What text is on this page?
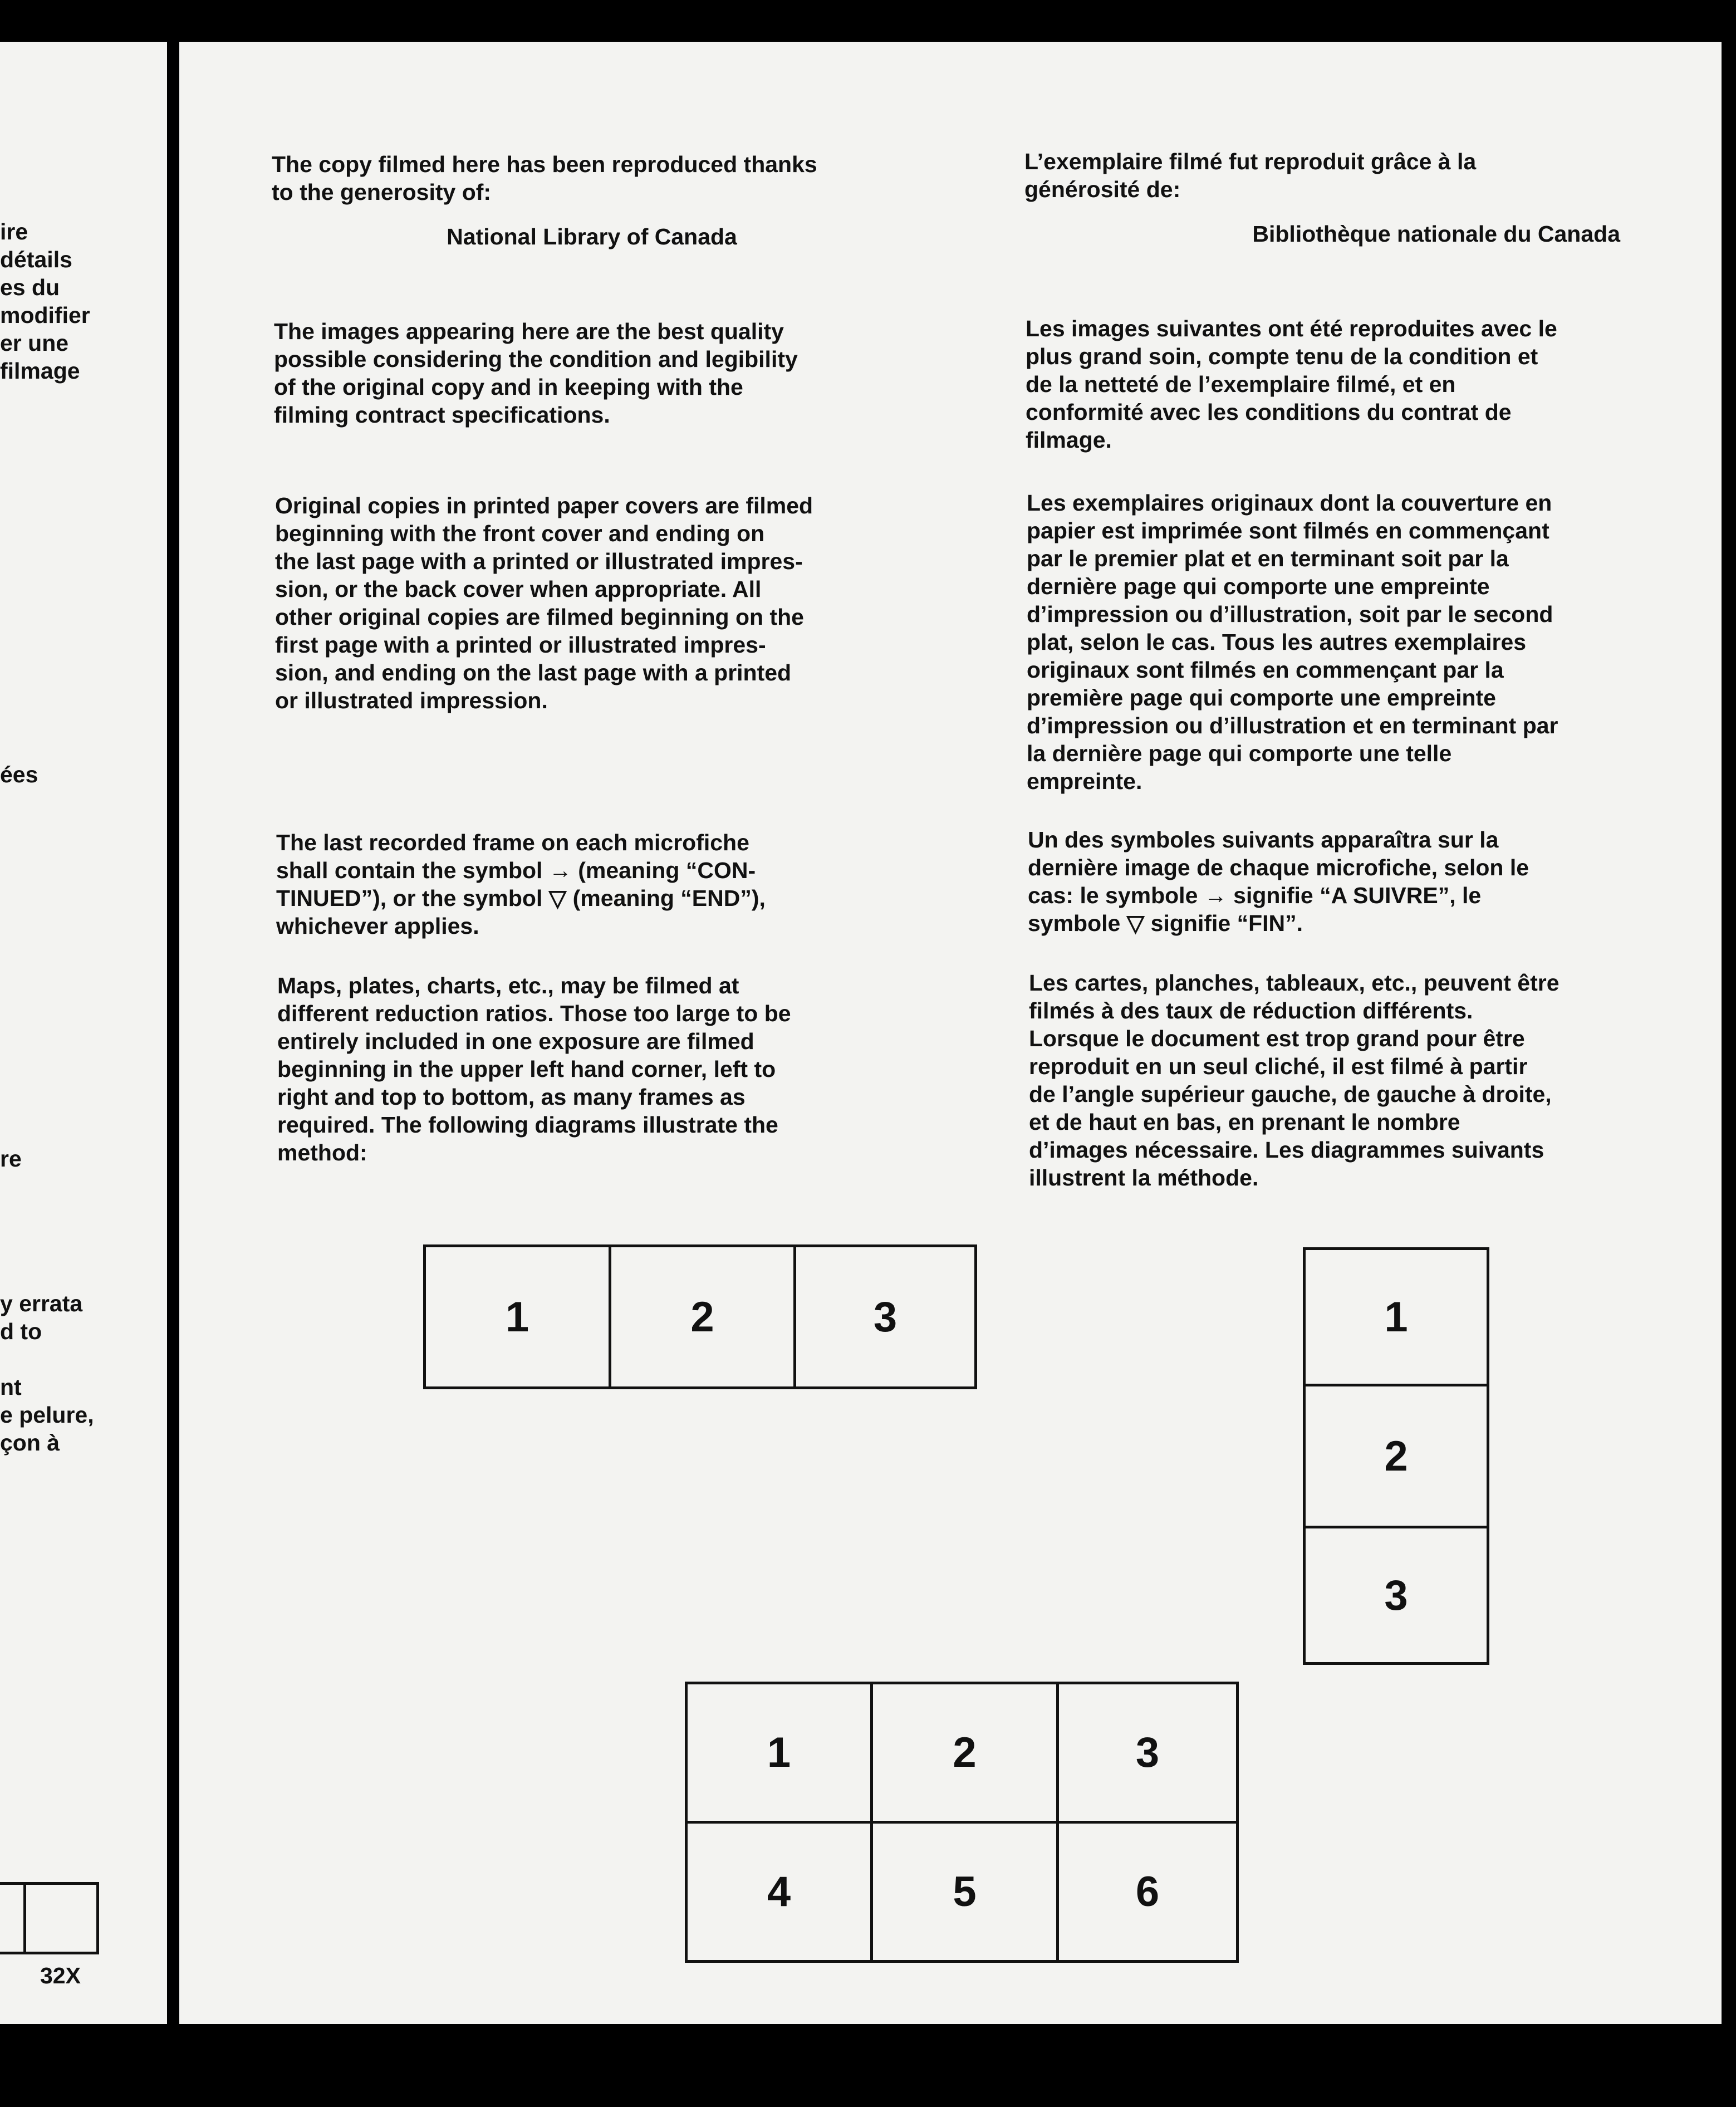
ire
détails
es du
modifier
er une
filmage
ées
re
y errata
d to
nt
e pelure,
çon à
32X

The copy filmed here has been reproduced thanks
to the generosity of:

National Library of Canada

The images appearing here are the best quality
possible considering the condition and legibility
of the original copy and in keeping with the
filming contract specifications.

Original copies in printed paper covers are filmed
beginning with the front cover and ending on
the last page with a printed or illustrated impres-
sion, or the back cover when appropriate. All
other original copies are filmed beginning on the
first page with a printed or illustrated impres-
sion, and ending on the last page with a printed
or illustrated impression.

The last recorded frame on each microfiche
shall contain the symbol → (meaning “CON-
TINUED”), or the symbol ▽ (meaning “END”),
whichever applies.

Maps, plates, charts, etc., may be filmed at
different reduction ratios. Those too large to be
entirely included in one exposure are filmed
beginning in the upper left hand corner, left to
right and top to bottom, as many frames as
required. The following diagrams illustrate the
method:

L’exemplaire filmé fut reproduit grâce à la
générosité de:

Bibliothèque nationale du Canada

Les images suivantes ont été reproduites avec le
plus grand soin, compte tenu de la condition et
de la netteté de l’exemplaire filmé, et en
conformité avec les conditions du contrat de
filmage.

Les exemplaires originaux dont la couverture en
papier est imprimée sont filmés en commençant
par le premier plat et en terminant soit par la
dernière page qui comporte une empreinte
d’impression ou d’illustration, soit par le second
plat, selon le cas. Tous les autres exemplaires
originaux sont filmés en commençant par la
première page qui comporte une empreinte
d’impression ou d’illustration et en terminant par
la dernière page qui comporte une telle
empreinte.

Un des symboles suivants apparaîtra sur la
dernière image de chaque microfiche, selon le
cas: le symbole → signifie “A SUIVRE”, le
symbole ▽ signifie “FIN”.

Les cartes, planches, tableaux, etc., peuvent être
filmés à des taux de réduction différents.
Lorsque le document est trop grand pour être
reproduit en un seul cliché, il est filmé à partir
de l’angle supérieur gauche, de gauche à droite,
et de haut en bas, en prenant le nombre
d’images nécessaire. Les diagrammes suivants
illustrent la méthode.

1	2	3	1
2
3
1	2	3
4	5	6
